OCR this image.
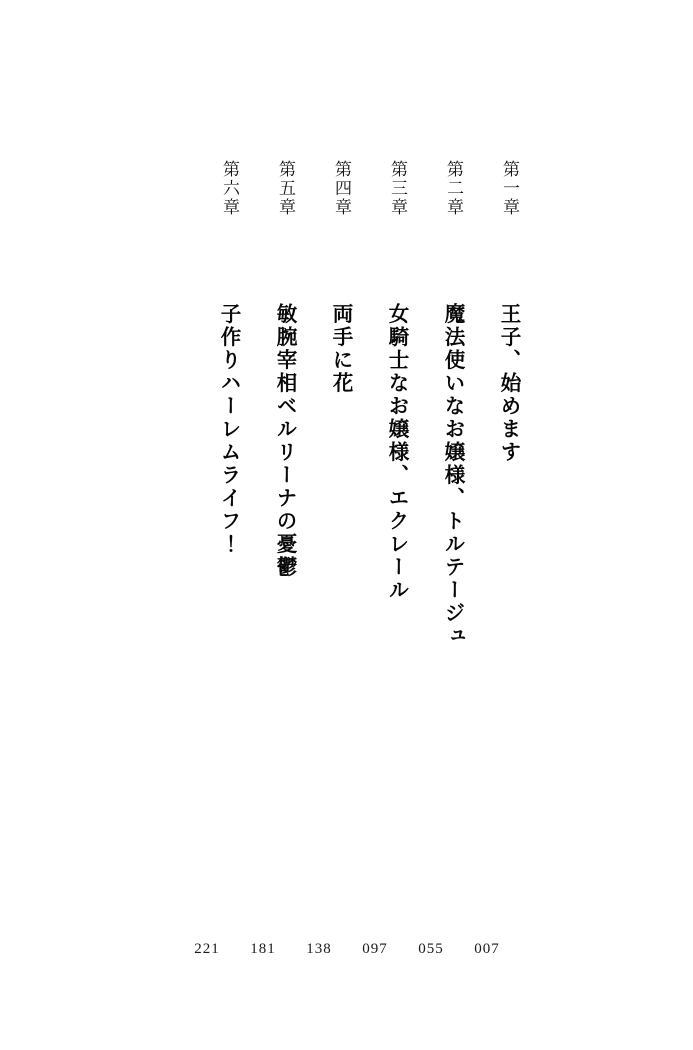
第一章
王子、始めます
第二章
魔法使いなお嬢様、トルテージュ
第三章
女騎士なお嬢様、エクレール
第四章
両手に花
第五章
敏腕宰相ベルリーナの憂鬱
第六章
子作りハーレムライフ！
007
055
097
138
181
221
